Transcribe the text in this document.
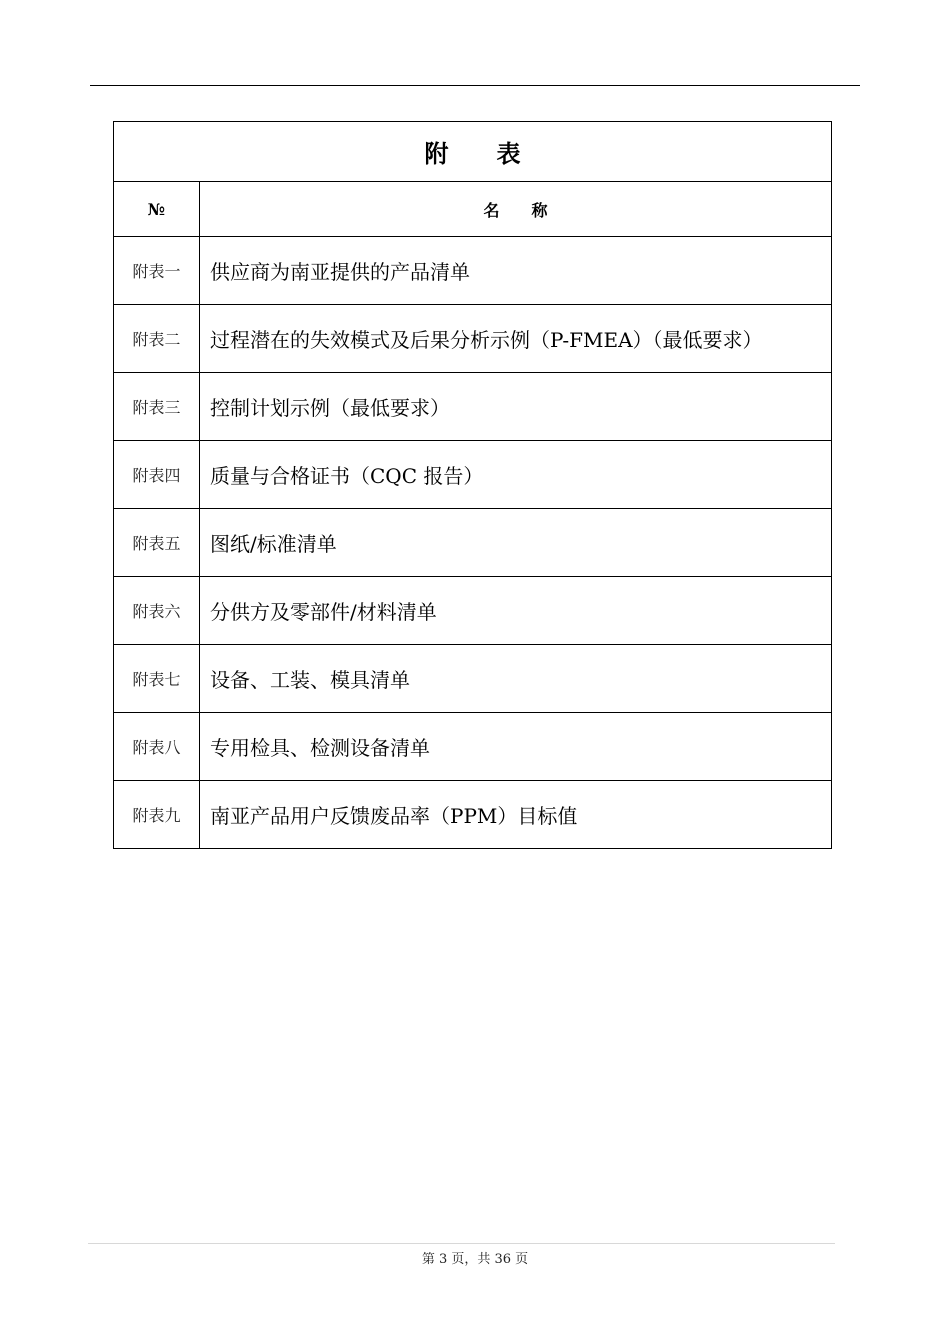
附　　表	
№	名　　称
附表一	供应商为南亚提供的产品清单
附表二	过程潜在的失效模式及后果分析示例（P-FMEA）（最低要求）
附表三	控制计划示例（最低要求）
附表四	质量与合格证书（CQC 报告）
附表五	图纸/标准清单
附表六	分供方及零部件/材料清单
附表七	设备、工装、模具清单
附表八	专用检具、检测设备清单
附表九	南亚产品用户反馈废品率（PPM）目标值
第 3 页，共 36 页
